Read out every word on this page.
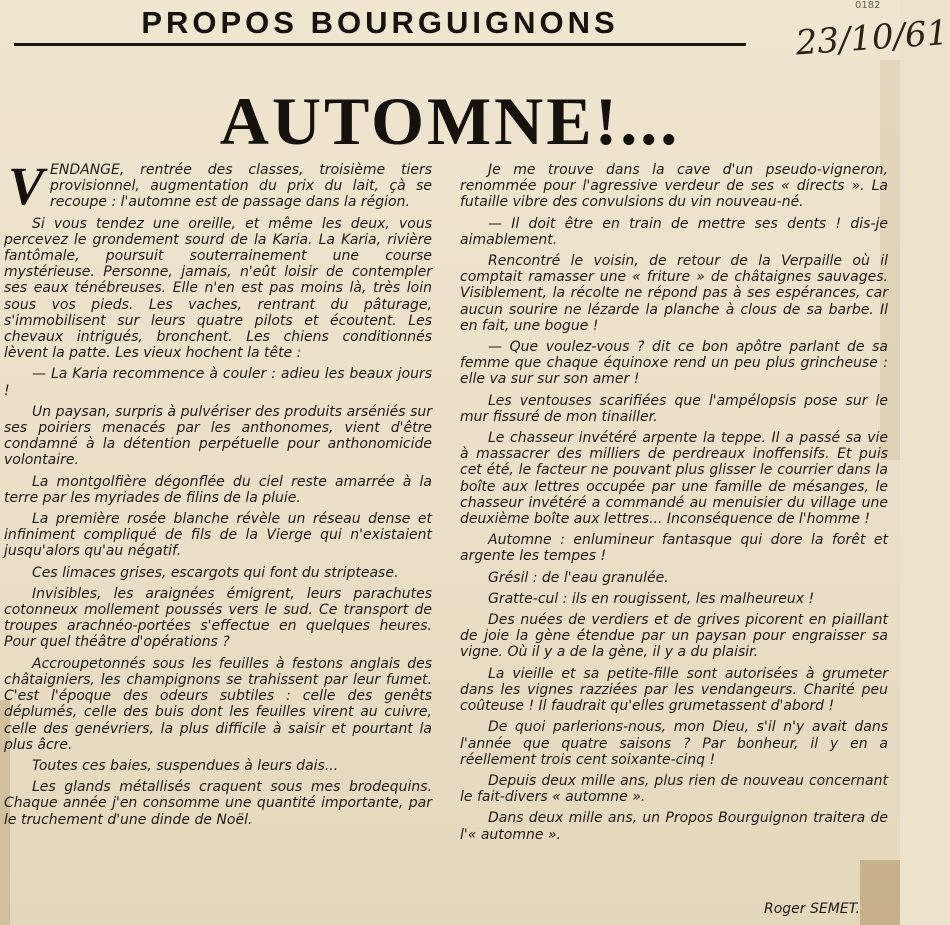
0182
PROPOS BOURGUIGNONS	23/10/61
AUTOMNE!...

VENDANGE, rentrée des classes, troisième tiers provisionnel, augmentation du prix du lait, çà se recoupe : l'automne est de passage dans la région.

Si vous tendez une oreille, et même les deux, vous percevez le grondement sourd de la Karia. La Karia, rivière fantômale, poursuit souterrainement une course mystérieuse. Personne, jamais, n'eût loisir de contempler ses eaux ténébreuses. Elle n'en est pas moins là, très loin sous vos pieds. Les vaches, rentrant du pâturage, s'immobilisent sur leurs quatre pilots et écoutent. Les chevaux intrigués, bronchent. Les chiens conditionnés lèvent la patte. Les vieux hochent la tête :

— La Karia recommence à couler : adieu les beaux jours !

Un paysan, surpris à pulvériser des produits arséniés sur ses poiriers menacés par les anthonomes, vient d'être condamné à la détention perpétuelle pour anthonomicide volontaire.

La montgolfière dégonflée du ciel reste amarrée à la terre par les myriades de filins de la pluie.

La première rosée blanche révèle un réseau dense et infiniment compliqué de fils de la Vierge qui n'existaient jusqu'alors qu'au négatif.

Ces limaces grises, escargots qui font du striptease.

Invisibles, les araignées émigrent, leurs parachutes cotonneux mollement poussés vers le sud. Ce transport de troupes arachnéo-portées s'effectue en quelques heures. Pour quel théâtre d'opérations ?

Accroupetonnés sous les feuilles à festons anglais des châtaigniers, les champignons se trahissent par leur fumet. C'est l'époque des odeurs subtiles : celle des genêts déplumés, celle des buis dont les feuilles virent au cuivre, celle des genévriers, la plus difficile à saisir et pourtant la plus âcre.

Toutes ces baies, suspendues à leurs dais...

Les glands métallisés craquent sous mes brodequins. Chaque année j'en consomme une quantité importante, par le truchement d'une dinde de Noël.

Je me trouve dans la cave d'un pseudo-vigneron, renommée pour l'agressive verdeur de ses « directs ». La futaille vibre des convulsions du vin nouveau-né.

— Il doit être en train de mettre ses dents ! dis-je aimablement.

Rencontré le voisin, de retour de la Verpaille où il comptait ramasser une « friture » de châtaignes sauvages. Visiblement, la récolte ne répond pas à ses espérances, car aucun sourire ne lézarde la planche à clous de sa barbe. Il en fait, une bogue !

— Que voulez-vous ? dit ce bon apôtre parlant de sa femme que chaque équinoxe rend un peu plus grincheuse : elle va sur sur son amer !

Les ventouses scarifiées que l'ampélopsis pose sur le mur fissuré de mon tinailler.

Le chasseur invétéré arpente la teppe. Il a passé sa vie à massacrer des milliers de perdreaux inoffensifs. Et puis cet été, le facteur ne pouvant plus glisser le courrier dans la boîte aux lettres occupée par une famille de mésanges, le chasseur invétéré a commandé au menuisier du village une deuxième boîte aux lettres... Inconséquence de l'homme !

Automne : enlumineur fantasque qui dore la forêt et argente les tempes !

Grésil : de l'eau granulée.

Gratte-cul : ils en rougissent, les malheureux !

Des nuées de verdiers et de grives picorent en piaillant de joie la gène étendue par un paysan pour engraisser sa vigne. Où il y a de la gène, il y a du plaisir.

La vieille et sa petite-fille sont autorisées à grumeter dans les vignes razziées par les vendangeurs. Charité peu coûteuse ! Il faudrait qu'elles grumetassent d'abord !

De quoi parlerions-nous, mon Dieu, s'il n'y avait dans l'année que quatre saisons ? Par bonheur, il y en a réellement trois cent soixante-cinq !

Depuis deux mille ans, plus rien de nouveau concernant le fait-divers « automne ».

Dans deux mille ans, un Propos Bourguignon traitera de l'« automne ».

Roger SEMET.
